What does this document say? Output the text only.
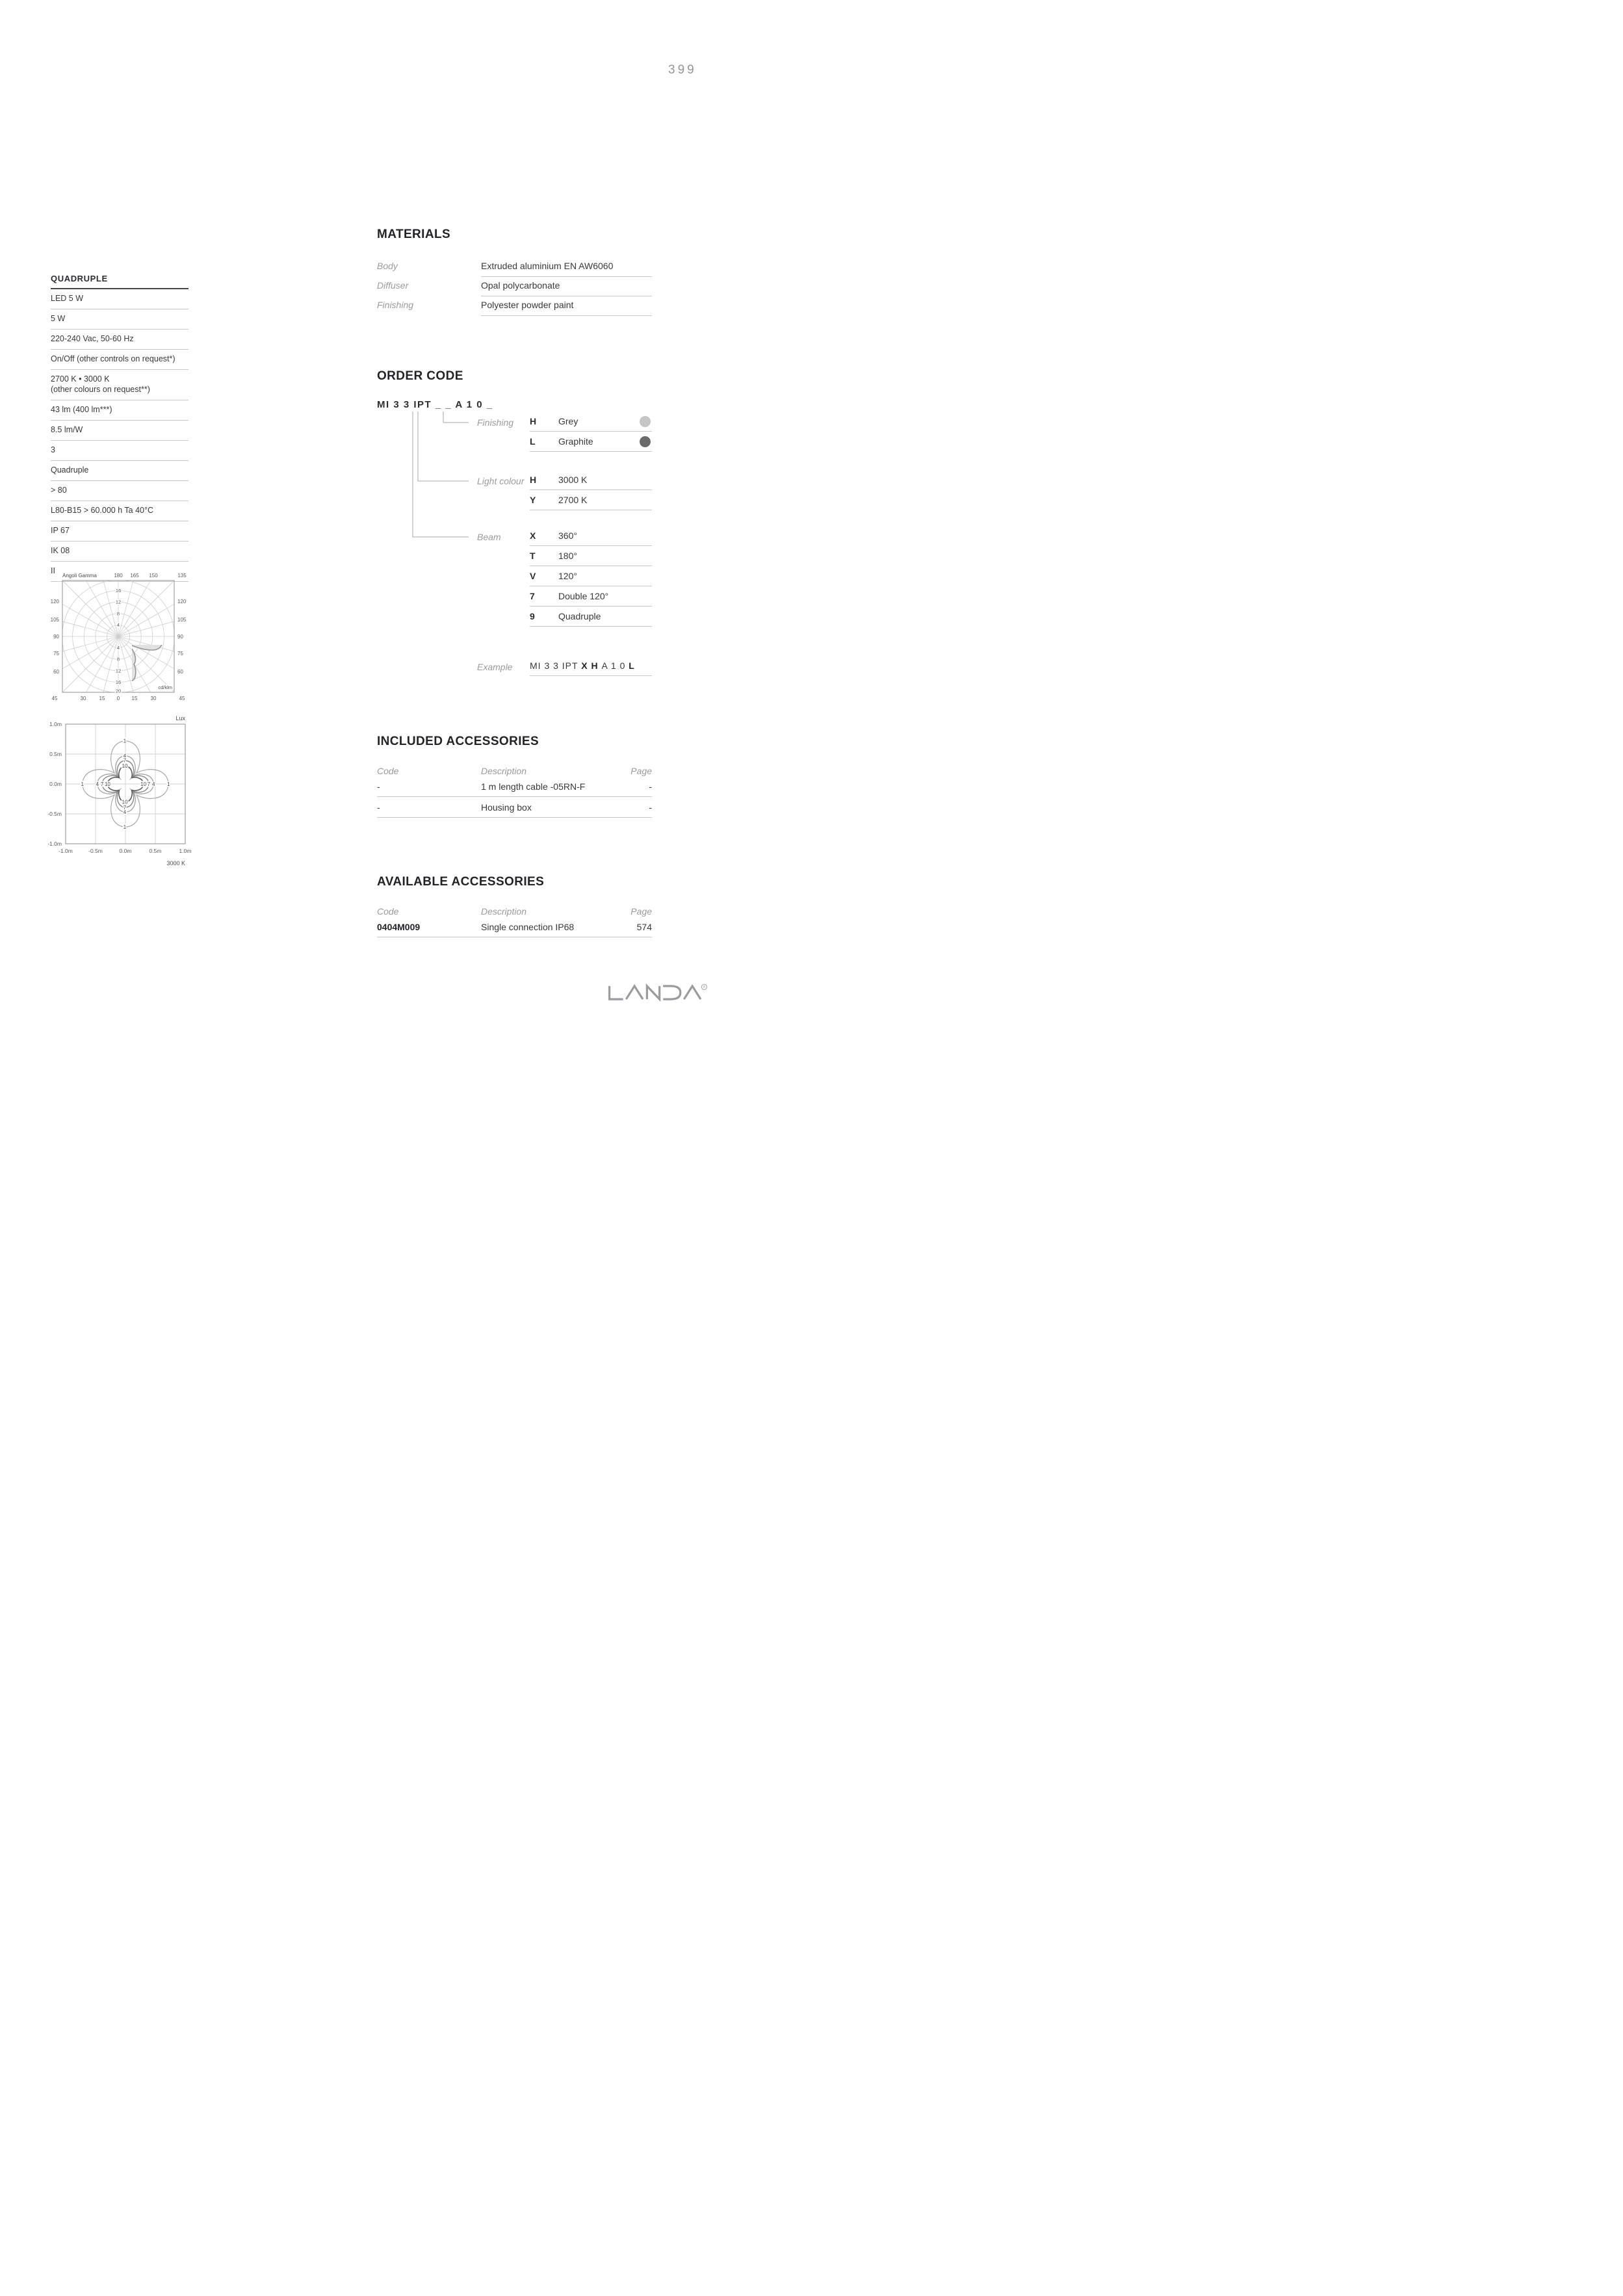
399
QUADRUPLE
LED 5 W
5 W
220-240 Vac, 50-60 Hz
On/Off (other controls on request*)
2700 K • 3000 K
(other colours on request**)
43 lm (400 lm***)
8.5 lm/W
3
Quadruple
> 80
L80-B15 > 60.000 h Ta 40°C
IP 67
IK 08
II
Angoli Gamma	180 165 150	135
120	120
105	105
90	90
75	75
60	60
45	30	15 0 15	30	45
16
12
8
4
4
8
12
16
20
cd/klm
1
1
1	1
4
4
4	4
7
7
7	7
10
10
10	10
1.0m
0.5m
0.0m
-0.5m
-1.0m
-1.0m	-0.5m	0.0m	0.5m	1.0m
Lux
3000 K
MATERIALS
Body	Extruded aluminium EN AW6060
Diffuser	Opal polycarbonate
Finishing	Polyester powder paint
ORDER CODE
MI 3 3 IPT _ _ A 1 0 _
Finishing H Grey
L	Graphite
Light colour H 3000 K
Y 2700 K
Beam	X 360°
T	180°
V 120°
7	Double 120°
9	Quadruple
Example MI 3 3 IPT X H A 1 0 L
INCLUDED ACCESSORIES
Code	Description	Page
-	1 m length cable -05RN-F	-
-	Housing box	-
AVAILABLE ACCESSORIES
Code	Description	Page
0404M009	Single connection IP68	574
®
